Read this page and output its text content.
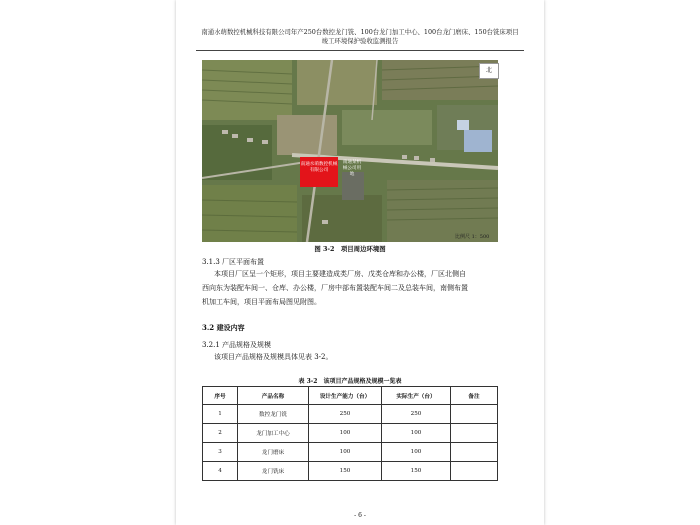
南通水萌数控机械科技有限公司年产250台数控龙门铣、100台龙门加工中心、100台龙门磨床、150台铣床项目
竣工环境保护验收监测报告
北
南通水萌数控机械有限公司
南通某机械公司用地
比例尺 1：500
图 3-2　项目周边环境图
3.1.3 厂区平面布置
本项目厂区呈一个矩形，项目主要建造成类厂房、戊类仓库和办公楼，厂区北侧自
西向东为装配车间一、仓库、办公楼，厂房中部布置装配车间二及总装车间，南侧布置
机加工车间，项目平面布局图见附图。
3.2 建设内容
3.2.1 产品规格及规模
该项目产品规格及规模具体见表 3-2。
表 3-2　该项目产品规格及规模一览表
序号	产品名称	设计生产能力（台）	实际生产（台）	备注
1	数控龙门铣	250	250	
2	龙门加工中心	100	100	
3	龙门磨床	100	100	
4	龙门铣床	150	150	
- 6 -
